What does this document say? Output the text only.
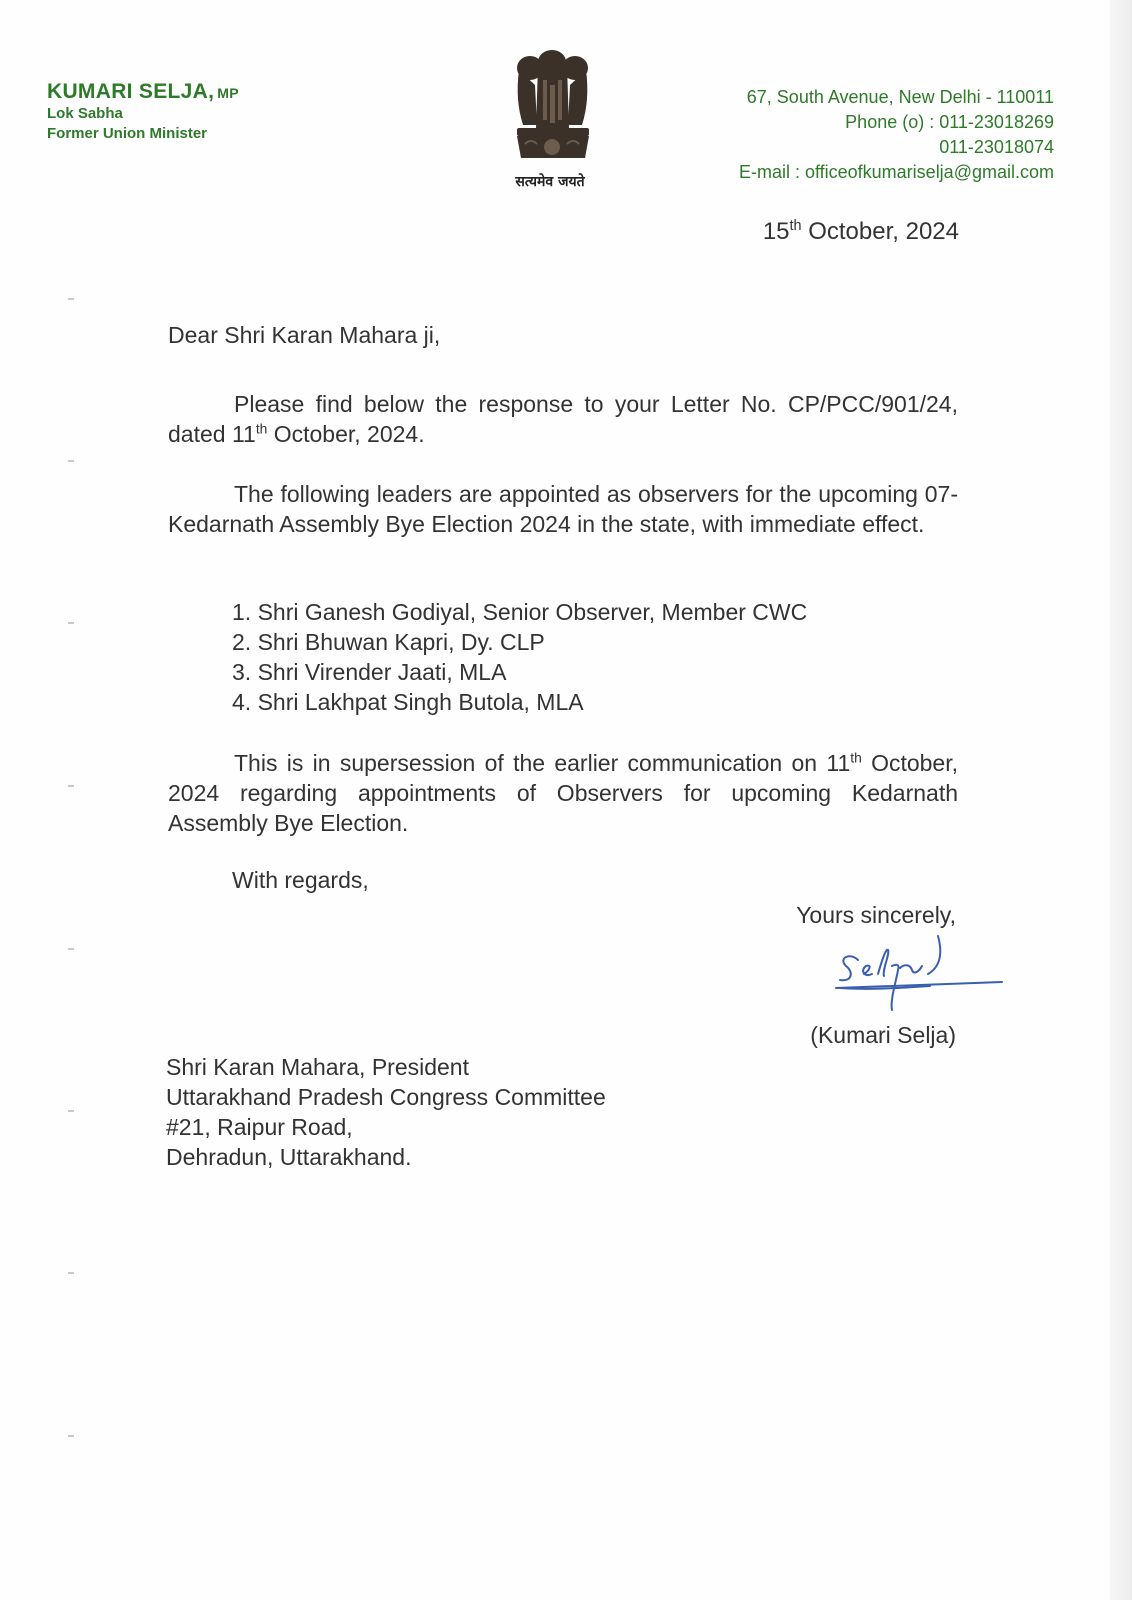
KUMARI SELJA, MP
Lok Sabha
Former Union Minister
सत्यमेव जयते
67, South Avenue, New Delhi - 110011
Phone (o) : 011-23018269
011-23018074
E-mail : officeofkumariselja@gmail.com
15th October, 2024
Dear Shri Karan Mahara ji,

Please find below the response to your Letter No. CP/PCC/901/24, dated 11th October, 2024.

The following leaders are appointed as observers for the upcoming 07-Kedarnath Assembly Bye Election 2024 in the state, with immediate effect.

1. Shri Ganesh Godiyal, Senior Observer, Member CWC
2. Shri Bhuwan Kapri, Dy. CLP
3. Shri Virender Jaati, MLA
4. Shri Lakhpat Singh Butola, MLA

This is in supersession of the earlier communication on 11th October, 2024 regarding appointments of Observers for upcoming Kedarnath Assembly Bye Election.

With regards,
Yours sincerely,
(Kumari Selja)
Shri Karan Mahara, President
Uttarakhand Pradesh Congress Committee
#21, Raipur Road,
Dehradun, Uttarakhand.
